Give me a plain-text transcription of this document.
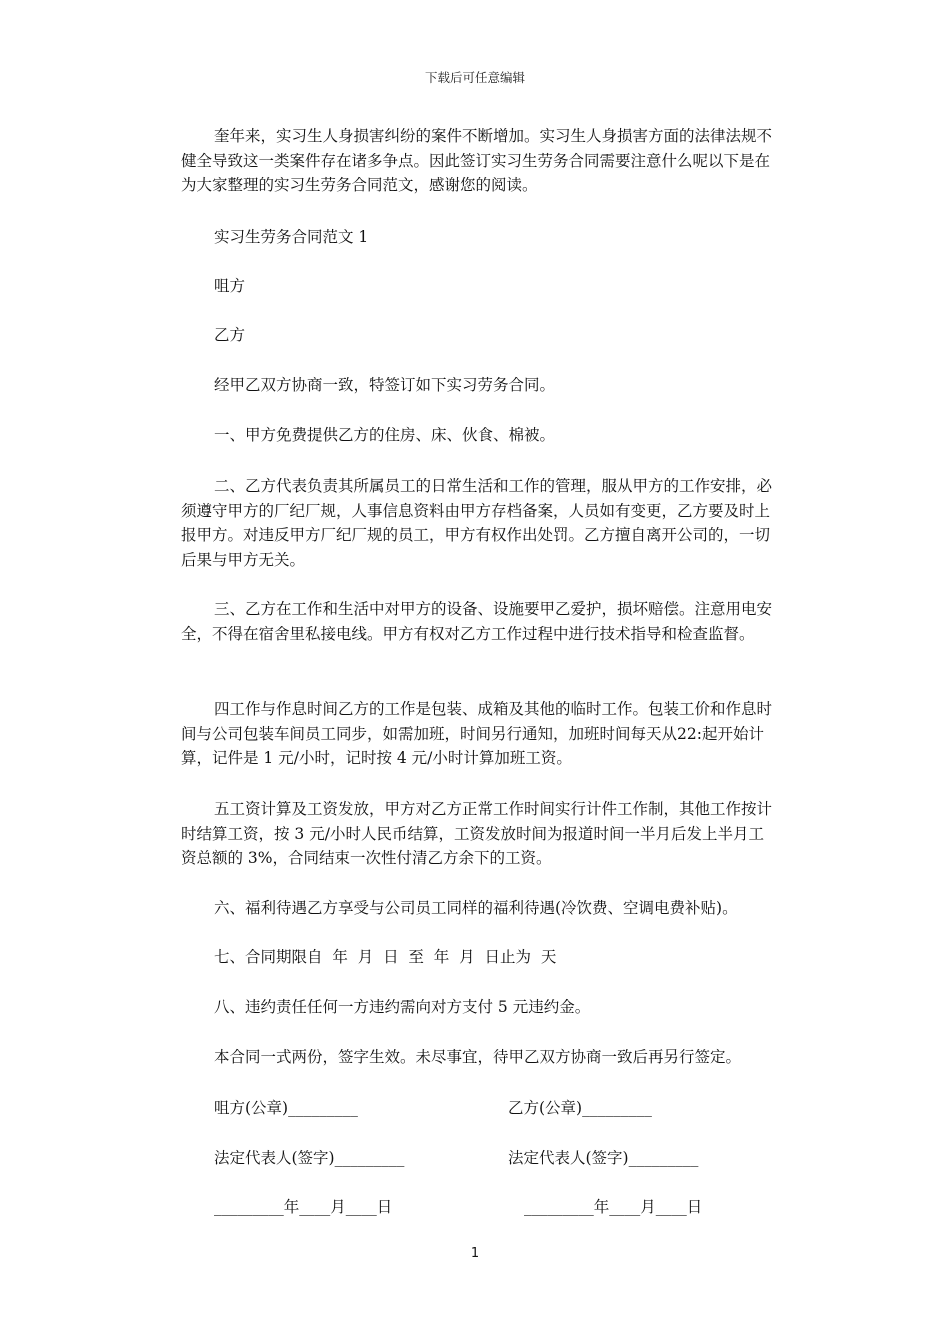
下载后可任意编辑

奎年来，实习生人身损害纠纷的案件不断增加。实习生人身损害方面的法律法规不健全导致这一类案件存在诸多争点。因此签订实习生劳务合同需要注意什么呢以下是在为大家整理的实习生劳务合同范文，感谢您的阅读。

实习生劳务合同范文 1

咀方

乙方

经甲乙双方协商一致，特签订如下实习劳务合同。

一、甲方免费提供乙方的住房、床、伙食、棉被。

二、乙方代表负责其所属员工的日常生活和工作的管理，服从甲方的工作安排，必须遵守甲方的厂纪厂规，人事信息资料由甲方存档备案，人员如有变更，乙方要及时上报甲方。对违反甲方厂纪厂规的员工，甲方有权作出处罚。乙方擅自离开公司的，一切后果与甲方无关。

三、乙方在工作和生活中对甲方的设备、设施要甲乙爱护，损坏赔偿。注意用电安全，不得在宿舍里私接电线。甲方有权对乙方工作过程中进行技术指导和检查监督。

四工作与作息时间乙方的工作是包装、成箱及其他的临时工作。包装工价和作息时间与公司包装车间员工同步，如需加班，时间另行通知，加班时间每天从22:起开始计算，记件是 1 元/小时，记时按 4 元/小时计算加班工资。

五工资计算及工资发放，甲方对乙方正常工作时间实行计件工作制，其他工作按计时结算工资，按 3 元/小时人民币结算，工资发放时间为报道时间一半月后发上半月工资总额的 3%，合同结束一次性付清乙方余下的工资。

六、福利待遇乙方享受与公司员工同样的福利待遇(冷饮费、空调电费补贴)。

七、合同期限自  年  月  日  至  年  月  日止为  天

八、违约责任任何一方违约需向对方支付 5 元违约金。

本合同一式两份，签字生效。未尽事宜，待甲乙双方协商一致后再另行签定。

咀方(公章)_________	乙方(公章)_________
法定代表人(签字)_________	法定代表人(签字)_________
_________年____月____日	_________年____月____日
1
